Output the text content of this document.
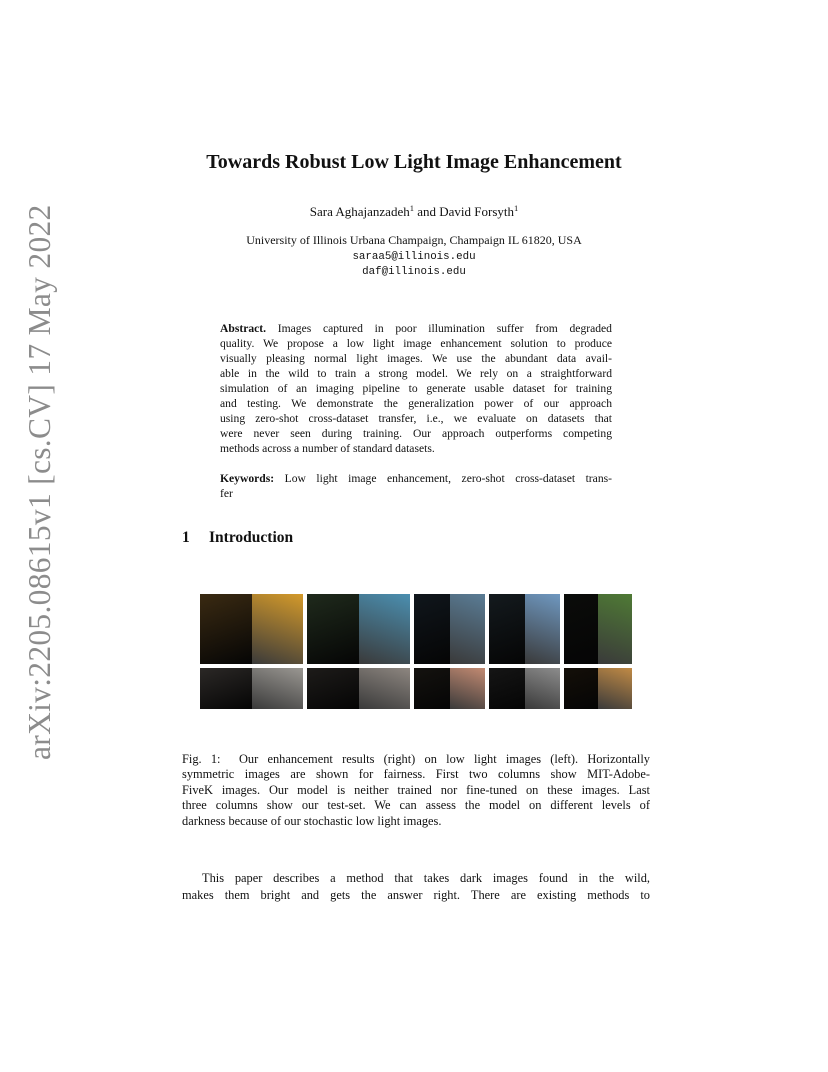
arXiv:2205.08615v1 [cs.CV] 17 May 2022
Towards Robust Low Light Image Enhancement
Sara Aghajanzadeh$^1$ and David Forsyth$^1$
University of Illinois Urbana Champaign, Champaign IL 61820, USA
saraa5@illinois.edu
daf@illinois.edu
Abstract. Images captured in poor illumination suffer from degraded
quality. We propose a low light image enhancement solution to produce
visually pleasing normal light images. We use the abundant data avail-
able in the wild to train a strong model. We rely on a straightforward
simulation of an imaging pipeline to generate usable dataset for training
and testing. We demonstrate the generalization power of our approach
using zero-shot cross-dataset transfer, i.e., we evaluate on datasets that
were never seen during training. Our approach outperforms competing
methods across a number of standard datasets.
Keywords: Low light image enhancement, zero-shot cross-dataset trans-
fer
1 Introduction
Fig. 1: Our enhancement results (right) on low light images (left). Horizontally
symmetric images are shown for fairness. First two columns show MIT-Adobe-
FiveK images. Our model is neither trained nor fine-tuned on these images. Last
three columns show our test-set. We can assess the model on different levels of
darkness because of our stochastic low light images.
This paper describes a method that takes dark images found in the wild,
makes them bright and gets the answer right. There are existing methods to
